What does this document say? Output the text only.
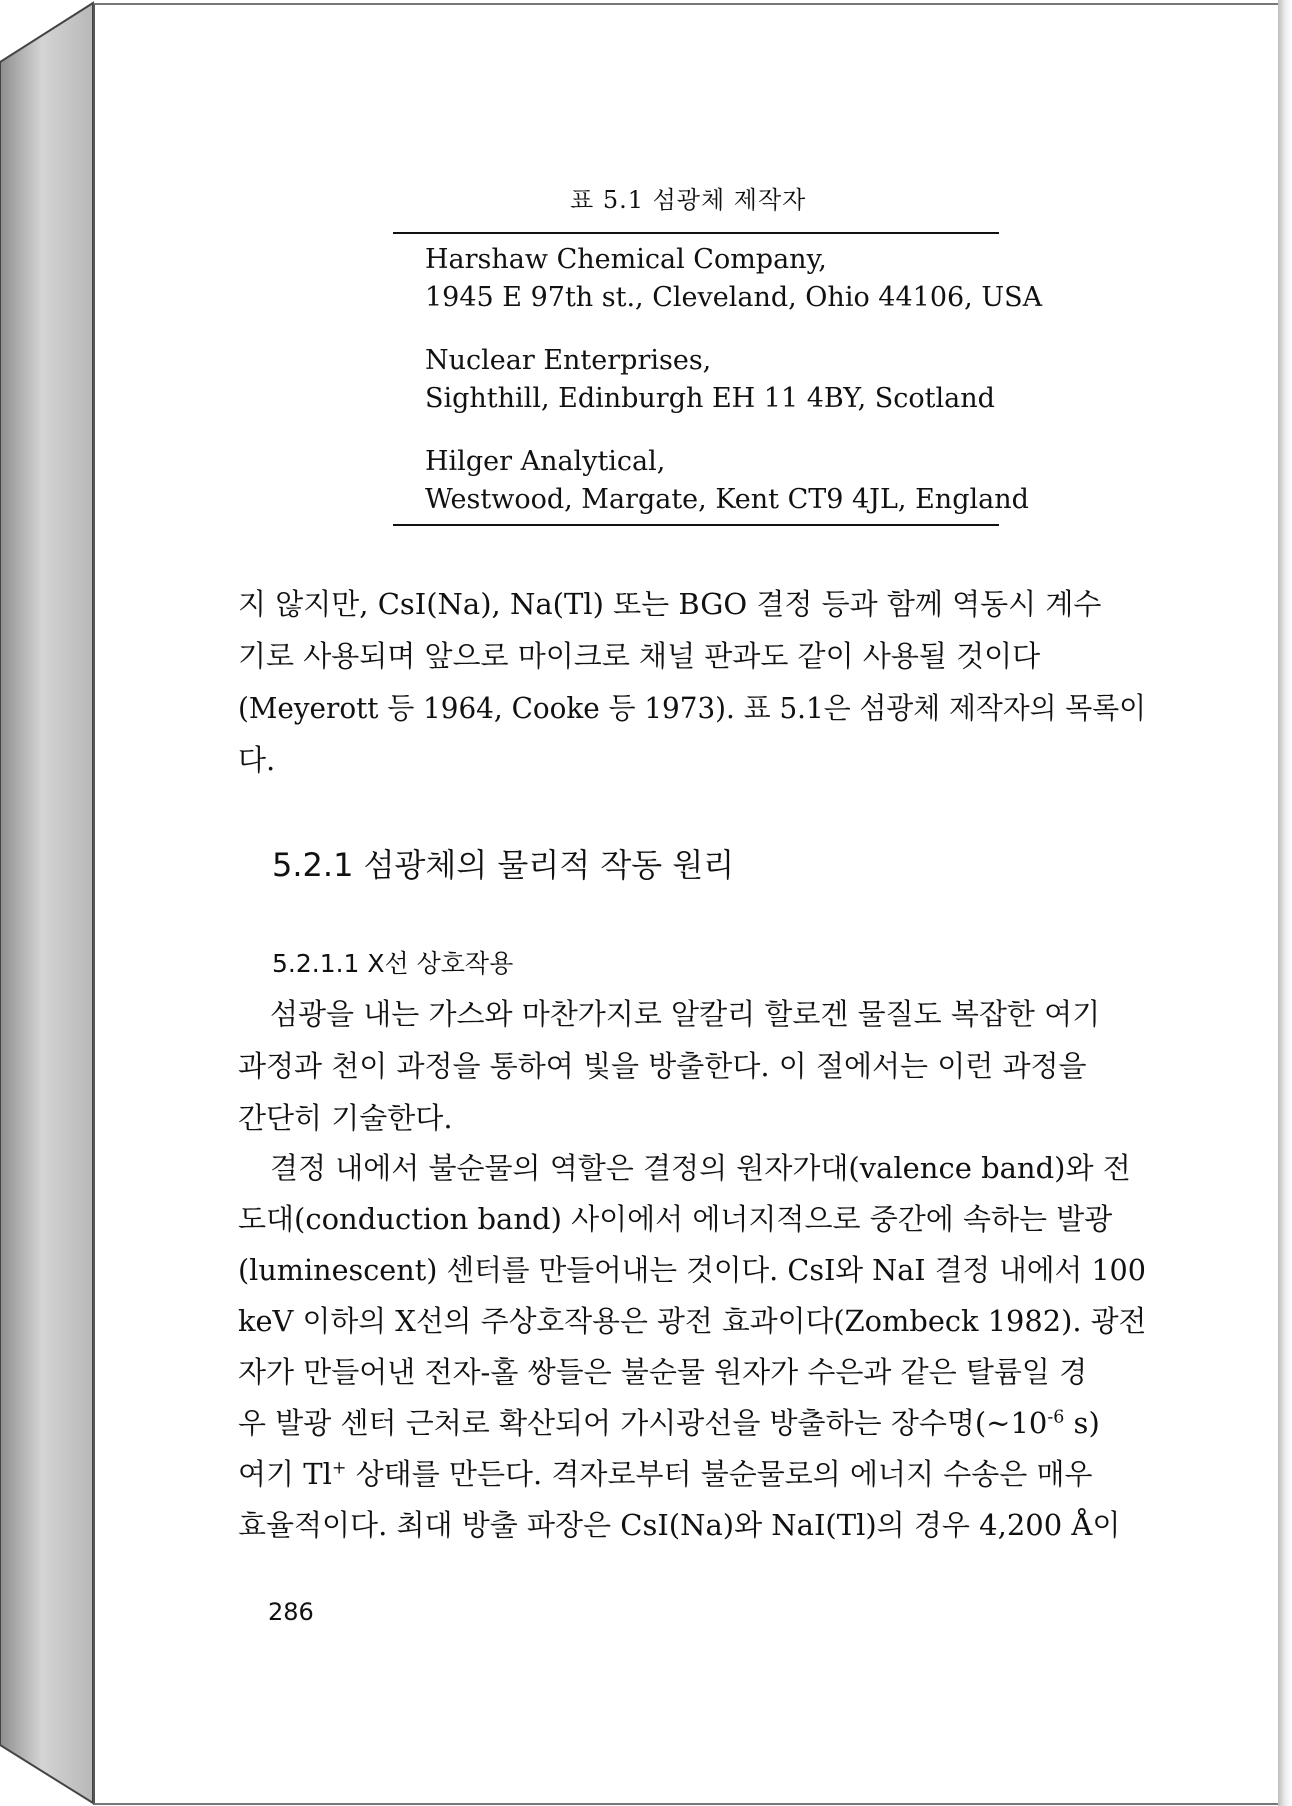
표 5.1 섬광체 제작자
Harshaw Chemical Company,
1945 E 97th st., Cleveland, Ohio 44106, USA
Nuclear Enterprises,
Sighthill, Edinburgh EH 11 4BY, Scotland
Hilger Analytical,
Westwood, Margate, Kent CT9 4JL, England
지 않지만, CsI(Na), Na(Tl) 또는 BGO 결정 등과 함께 역동시 계수
기로 사용되며 앞으로 마이크로 채널 판과도 같이 사용될 것이다
(Meyerott 등 1964, Cooke 등 1973). 표 5.1은 섬광체 제작자의 목록이
다.
5.2.1 섬광체의 물리적 작동 원리
5.2.1.1 X선 상호작용
섬광을 내는 가스와 마찬가지로 알칼리 할로겐 물질도 복잡한 여기
과정과 천이 과정을 통하여 빛을 방출한다. 이 절에서는 이런 과정을
간단히 기술한다.
결정 내에서 불순물의 역할은 결정의 원자가대(valence band)와 전
도대(conduction band) 사이에서 에너지적으로 중간에 속하는 발광
(luminescent) 센터를 만들어내는 것이다. CsI와 NaI 결정 내에서 100
keV 이하의 X선의 주상호작용은 광전 효과이다(Zombeck 1982). 광전
자가 만들어낸 전자-홀 쌍들은 불순물 원자가 수은과 같은 탈륨일 경
우 발광 센터 근처로 확산되어 가시광선을 방출하는 장수명($\sim 10^{-6}$ s)
여기 Tl+ 상태를 만든다. 격자로부터 불순물로의 에너지 수송은 매우
효율적이다. 최대 방출 파장은 CsI(Na)와 NaI(Tl)의 경우 4,200 Å이
286
